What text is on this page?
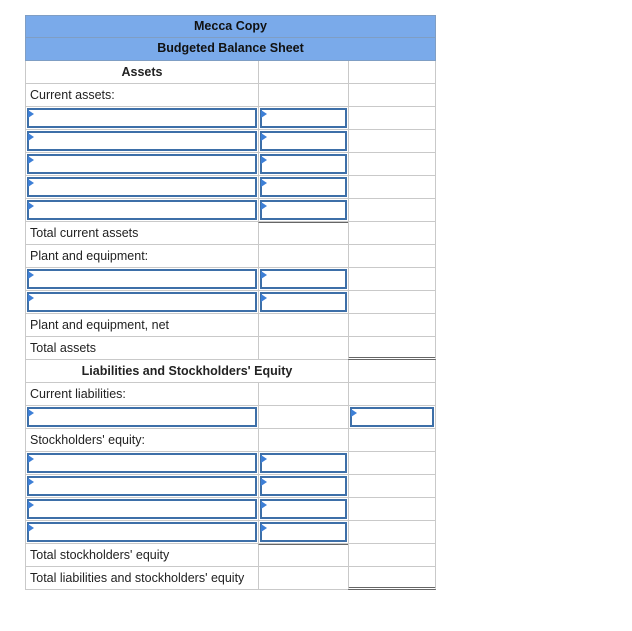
Mecca Copy
Budgeted Balance Sheet
Assets
Current assets:
Total current assets
Plant and equipment:
Plant and equipment, net
Total assets
Liabilities and Stockholders' Equity
Current liabilities:
Stockholders' equity:
Total stockholders' equity
Total liabilities and stockholders' equity
